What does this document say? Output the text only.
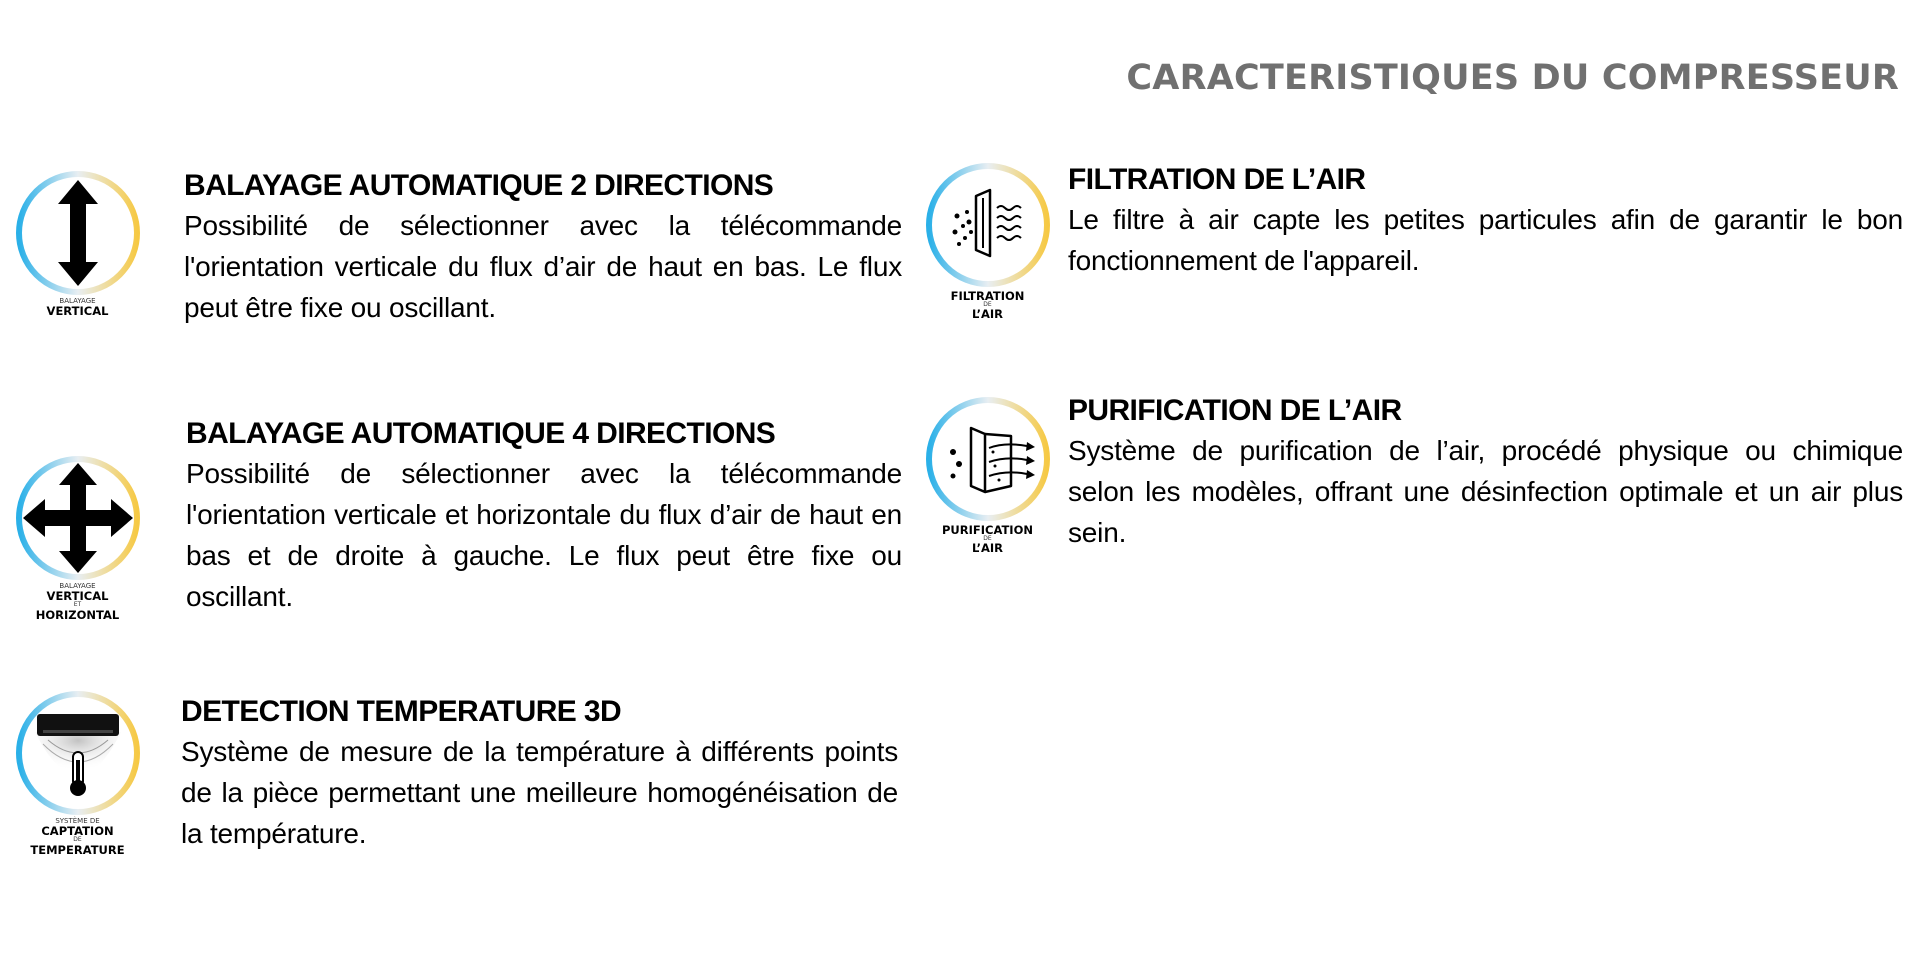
CARACTERISTIQUES DU COMPRESSEUR
BALAYAGE
VERTICAL
BALAYAGE AUTOMATIQUE 2 DIRECTIONS

Possibilité de sélectionner avec la télécommande l'orientation verticale du flux d’air de haut en bas. Le flux peut être fixe ou oscillant.

BALAYAGE
VERTICAL
ET
HORIZONTAL
BALAYAGE AUTOMATIQUE 4 DIRECTIONS

Possibilité de sélectionner avec la télécommande l'orientation verticale et horizontale du flux d’air de haut en bas et de droite à gauche. Le flux peut être fixe ou oscillant.

SYSTÈME DE
CAPTATION
DE
TEMPERATURE
DETECTION TEMPERATURE 3D

Système de mesure de la température à différents points de la pièce permettant une meilleure homogénéisation de la température.

FILTRATION
DE
L’AIR
FILTRATION DE L’AIR

Le filtre à air capte les petites particules afin de garantir le bon fonctionnement de l'appareil.

PURIFICATION
DE
L’AIR
PURIFICATION DE L’AIR

Système de purification de l’air, procédé physique ou chimique selon les modèles, offrant une désinfection optimale et un air plus sein.
